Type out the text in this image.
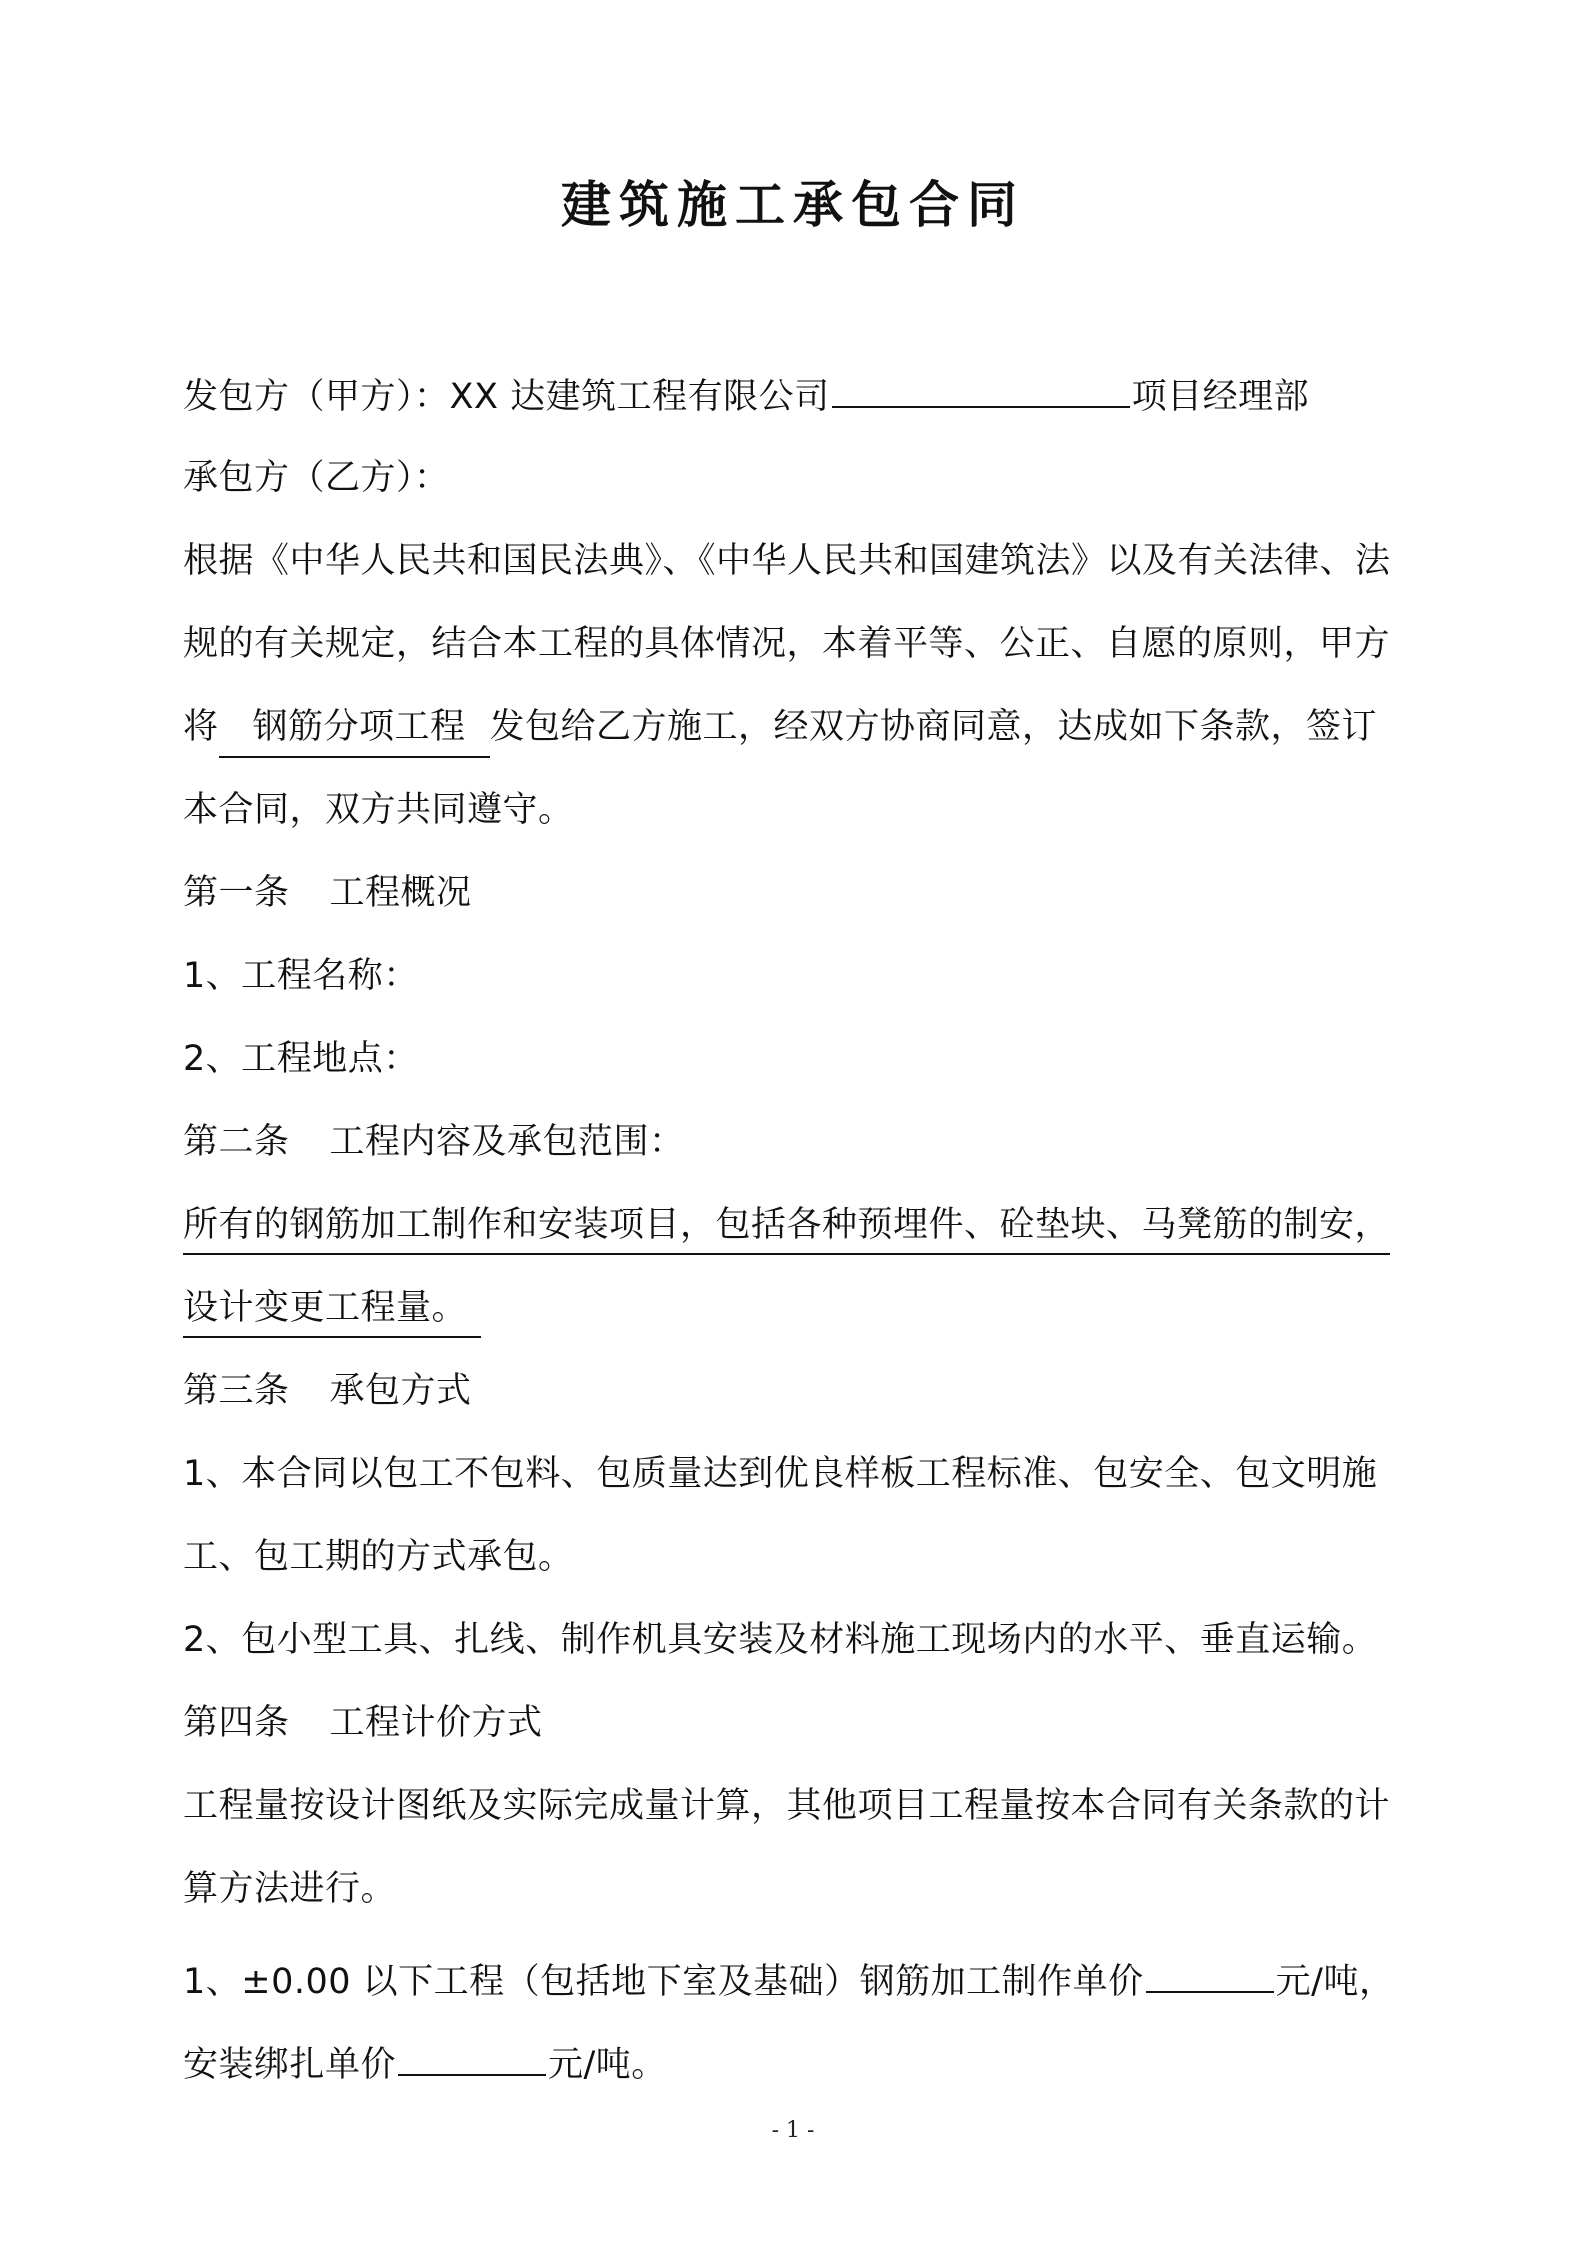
建筑施工承包合同
发包方（甲方）：XX 达建筑工程有限公司	项目经理部
承包方（乙方）：
根据《中华人民共和国民法典》、《中华人民共和国建筑法》以及有关法律、法
规的有关规定，结合本工程的具体情况，本着平等、公正、自愿的原则，甲方
将 钢筋分项工程 发包给乙方施工，经双方协商同意，达成如下条款，签订
本合同，双方共同遵守。
第一条 工程概况
1、工程名称：
2、工程地点：
第二条 工程内容及承包范围：
所有的钢筋加工制作和安装项目，包括各种预埋件、砼垫块、马凳筋的制安，
设计变更工程量。
第三条 承包方式
1、本合同以包工不包料、包质量达到优良样板工程标准、包安全、包文明施
工、包工期的方式承包。
2、包小型工具、扎线、制作机具安装及材料施工现场内的水平、垂直运输。
第四条 工程计价方式
工程量按设计图纸及实际完成量计算，其他项目工程量按本合同有关条款的计
算方法进行。
1、±0.00 以下工程（包括地下室及基础）钢筋加工制作单价	元/吨，
安装绑扎单价	元/吨。
- 1 -
